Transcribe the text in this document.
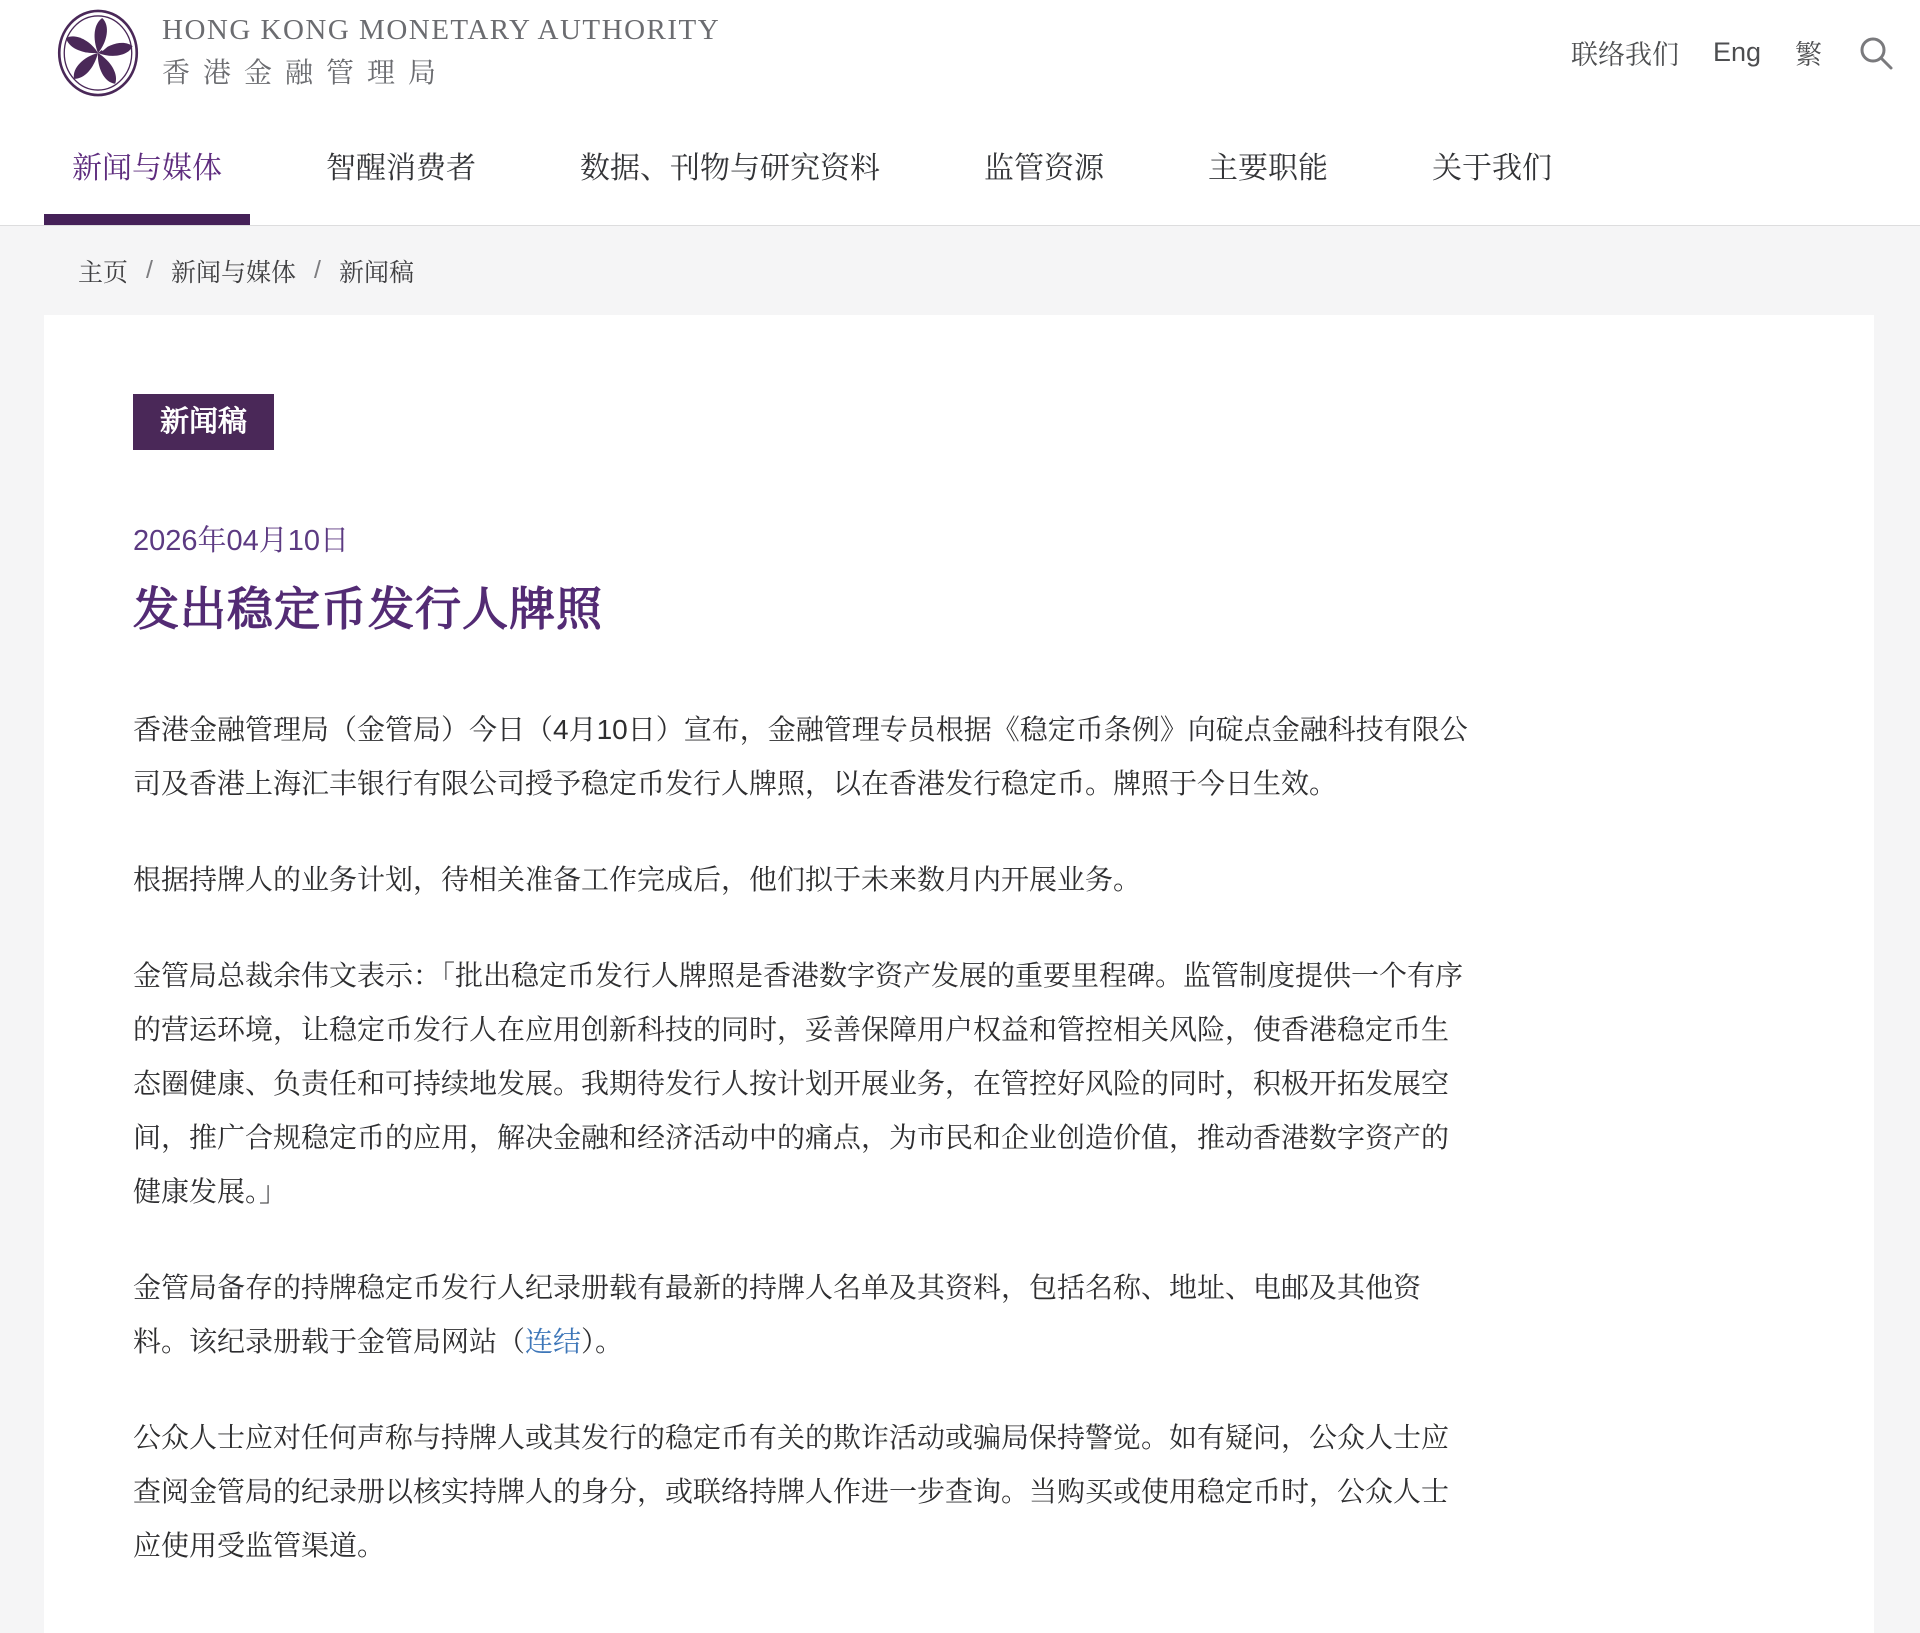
HONG KONG MONETARY AUTHORITY
香港金融管理局
联络我们 Eng 繁
新闻与媒体	智醒消费者	数据、刊物与研究资料	监管资源	主要职能	关于我们
主页 / 新闻与媒体 / 新闻稿
新闻稿
2026年04月10日
发出稳定币发行人牌照

香港金融管理局（金管局）今日（4月10日）宣布，金融管理专员根据《稳定币条例》向碇点金融科技有限公司及香港上海汇丰银行有限公司授予稳定币发行人牌照，以在香港发行稳定币。牌照于今日生效。

根据持牌人的业务计划，待相关准备工作完成后，他们拟于未来数月内开展业务。

金管局总裁余伟文表示：「批出稳定币发行人牌照是香港数字资产发展的重要里程碑。监管制度提供一个有序的营运环境，让稳定币发行人在应用创新科技的同时，妥善保障用户权益和管控相关风险，使香港稳定币生态圈健康、负责任和可持续地发展。我期待发行人按计划开展业务，在管控好风险的同时，积极开拓发展空间，推广合规稳定币的应用，解决金融和经济活动中的痛点，为市民和企业创造价值，推动香港数字资产的健康发展。」

金管局备存的持牌稳定币发行人纪录册载有最新的持牌人名单及其资料，包括名称、地址、电邮及其他资料。该纪录册载于金管局网站（连结）。

公众人士应对任何声称与持牌人或其发行的稳定币有关的欺诈活动或骗局保持警觉。如有疑问，公众人士应查阅金管局的纪录册以核实持牌人的身分，或联络持牌人作进一步查询。当购买或使用稳定币时，公众人士应使用受监管渠道。
